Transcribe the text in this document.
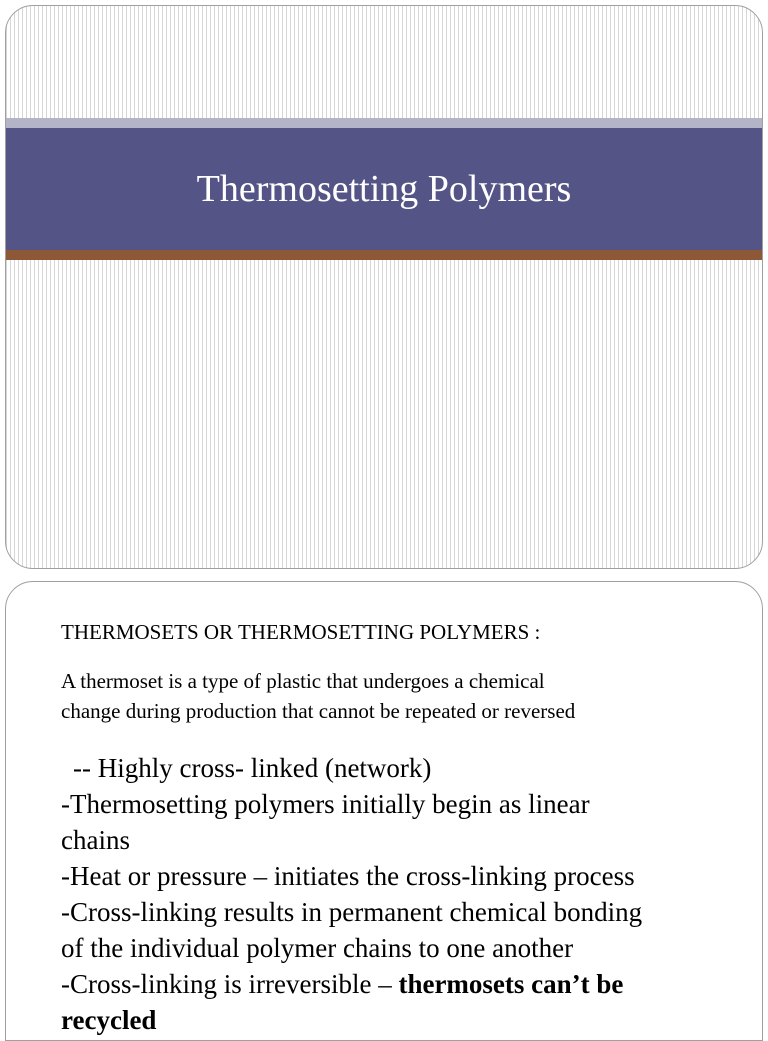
Thermosetting Polymers
THERMOSETS OR THERMOSETTING POLYMERS :
A thermoset is a type of plastic that undergoes a chemical
change during production that cannot be repeated or reversed
-- Highly cross- linked (network)
-Thermosetting polymers initially begin as linear
chains
-Heat or pressure – initiates the cross-linking process
-Cross-linking results in permanent chemical bonding
of the individual polymer chains to one another
-Cross-linking is irreversible – thermosets can’t be
recycled
